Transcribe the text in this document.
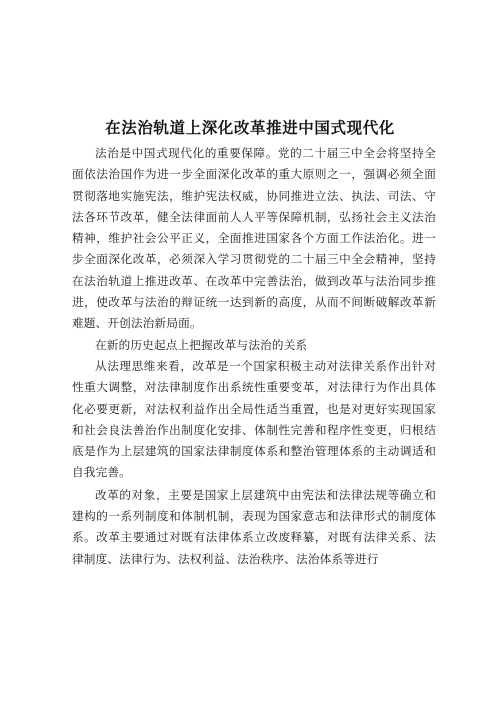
在法治轨道上深化改革推进中国式现代化

法治是中国式现代化的重要保障。党的二十届三中全会将坚持全面依法治国作为进一步全面深化改革的重大原则之一，强调必须全面贯彻落地实施宪法，维护宪法权威，协同推进立法、执法、司法、守法各环节改革，健全法律面前人人平等保障机制，弘扬社会主义法治精神，维护社会公平正义，全面推进国家各个方面工作法治化。进一步全面深化改革，必须深入学习贯彻党的二十届三中全会精神，坚持在法治轨道上推进改革、在改革中完善法治，做到改革与法治同步推进，使改革与法治的辩证统一达到新的高度，从而不间断破解改革新难题、开创法治新局面。

在新的历史起点上把握改革与法治的关系

从法理思维来看，改革是一个国家积极主动对法律关系作出针对性重大调整，对法律制度作出系统性重要变革，对法律行为作出具体化必要更新，对法权利益作出全局性适当重置，也是对更好实现国家和社会良法善治作出制度化安排、体制性完善和程序性变更，归根结底是作为上层建筑的国家法律制度体系和整治管理体系的主动调适和自我完善。

改革的对象，主要是国家上层建筑中由宪法和法律法规等确立和建构的一系列制度和体制机制，表现为国家意志和法律形式的制度体系。改革主要通过对既有法律体系立改废释纂，对既有法律关系、法律制度、法律行为、法权利益、法治秩序、法治体系等进行
